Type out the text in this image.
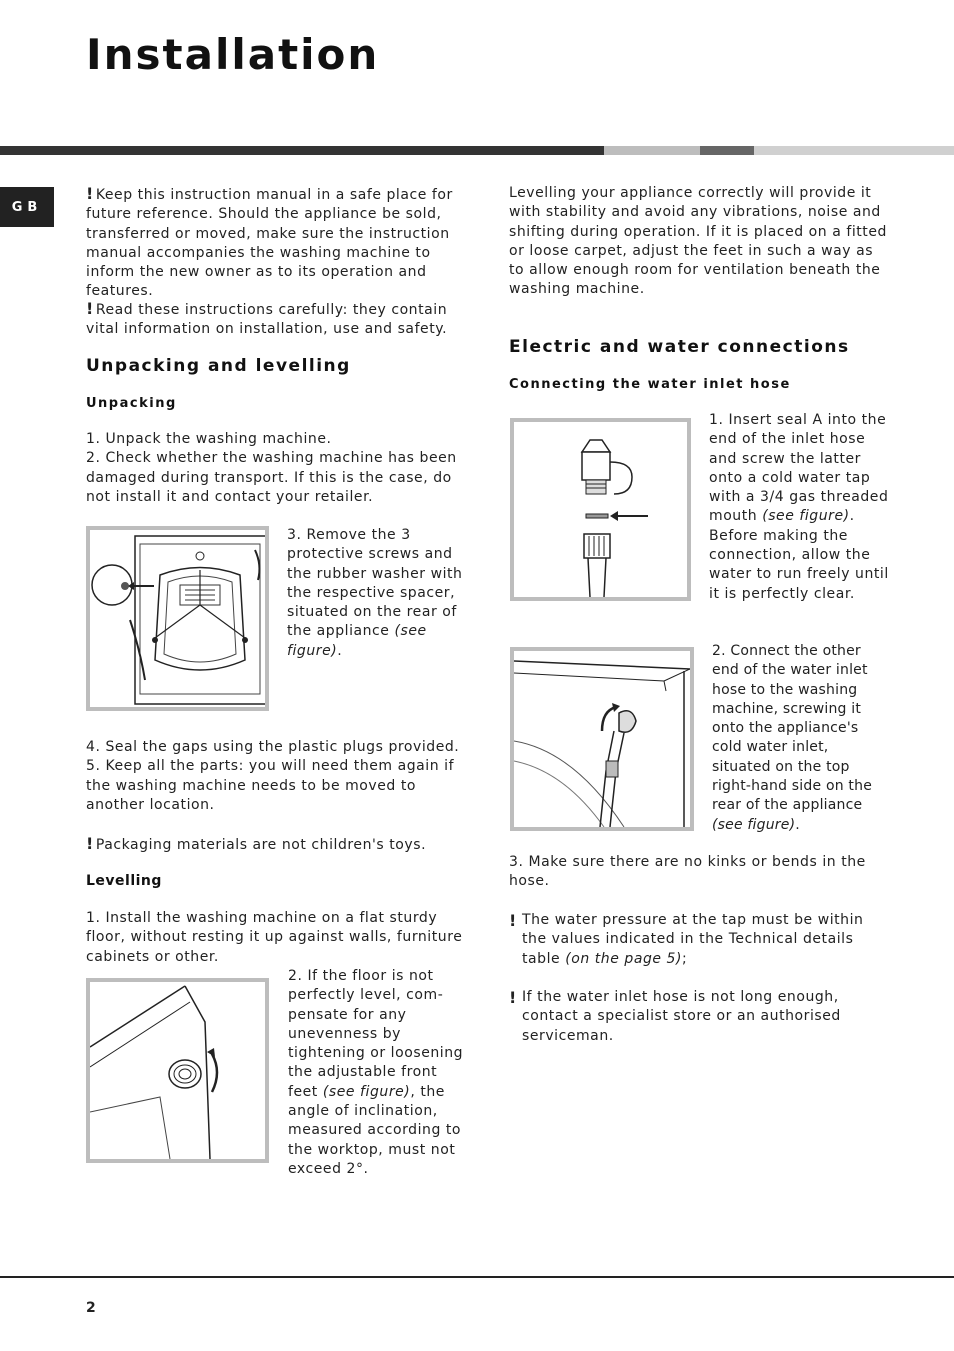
Installation
GB

! Keep this instruction manual in a safe place for future reference. Should the appliance be sold, transferred or moved, make sure the instruction manual accompanies the washing machine to inform the new owner as to its operation and features.

! Read these instructions carefully: they contain vital information on installation, use and safety.

Unpacking and levelling
Unpacking

1. Unpack the washing machine.
2. Check whether the washing machine has been damaged during transport. If this is the case, do not install it and contact your retailer.

3. Remove the 3 protective screws and the rubber washer with the respective spacer, situated on the rear of the appliance (see figure).

4. Seal the gaps using the plastic plugs provided.
5. Keep all the parts: you will need them again if the washing machine needs to be moved to another location.

! Packaging materials are not children's toys.

Levelling

1. Install the washing machine on a flat sturdy floor, without resting it up against walls, furniture cabinets or other.

2. If the floor is not perfectly level, com-pensate for any unevenness by tightening or loosening the adjustable front feet (see figure), the angle of inclination, measured according to the worktop, must not exceed 2°.

Levelling your appliance correctly will provide it with stability and avoid any vibrations, noise and shifting during operation. If it is placed on a fitted or loose carpet, adjust the feet in such a way as to allow enough room for ventilation beneath the washing machine.

Electric and water connections
Connecting the water inlet hose

1. Insert seal A into the end of the inlet hose and screw the latter onto a cold water tap with a 3/4 gas threaded mouth (see figure). Before making the connection, allow the water to run freely until it is perfectly clear.

2. Connect the other end of the water inlet hose to the washing machine, screwing it onto the appliance's cold water inlet, situated on the top right-hand side on the rear of the appliance (see figure).

3. Make sure there are no kinks or bends in the hose.

! The water pressure at the tap must be within the values indicated in the Technical details table (on the page 5);

! If the water inlet hose is not long enough, contact a specialist store or an authorised serviceman.

2
